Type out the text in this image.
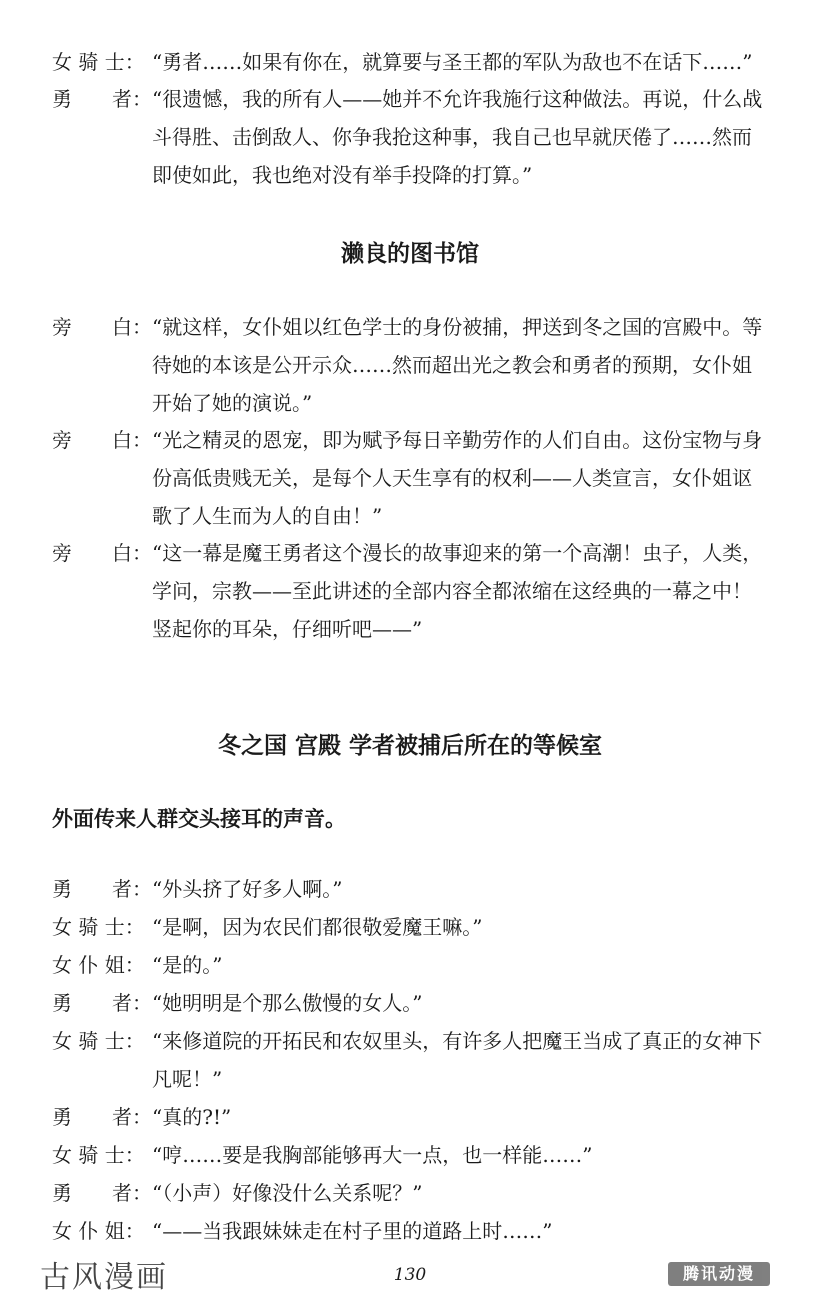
女 骑 士： “勇者……如果有你在，就算要与圣王都的军队为敌也不在话下……”
勇　　者： “很遗憾，我的所有人——她并不允许我施行这种做法。再说，什么战
斗得胜、击倒敌人、你争我抢这种事，我自己也早就厌倦了……然而
即使如此，我也绝对没有举手投降的打算。”
旁　　白： “就这样，女仆姐以红色学士的身份被捕，押送到冬之国的宫殿中。等
待她的本该是公开示众……然而超出光之教会和勇者的预期，女仆姐
开始了她的演说。”
旁　　白： “光之精灵的恩宠，即为赋予每日辛勤劳作的人们自由。这份宝物与身
份高低贵贱无关，是每个人天生享有的权利——人类宣言，女仆姐讴
歌了人生而为人的自由！”
旁　　白： “这一幕是魔王勇者这个漫长的故事迎来的第一个高潮！虫子，人类，
学问，宗教——至此讲述的全部内容全都浓缩在这经典的一幕之中！
竖起你的耳朵，仔细听吧——”
勇　　者： “外头挤了好多人啊。”
女 骑 士： “是啊，因为农民们都很敬爱魔王嘛。”
女 仆 姐： “是的。”
勇　　者： “她明明是个那么傲慢的女人。”
女 骑 士： “来修道院的开拓民和农奴里头，有许多人把魔王当成了真正的女神下
凡呢！”
勇　　者： “真的?!”
女 骑 士： “哼……要是我胸部能够再大一点，也一样能……”
勇　　者： “（小声）好像没什么关系呢？”
女 仆 姐： “——当我跟妹妹走在村子里的道路上时……”
濑良的图书馆
冬之国 宫殿 学者被捕后所在的等候室
外面传来人群交头接耳的声音。
130
古风漫画	腾讯动漫
